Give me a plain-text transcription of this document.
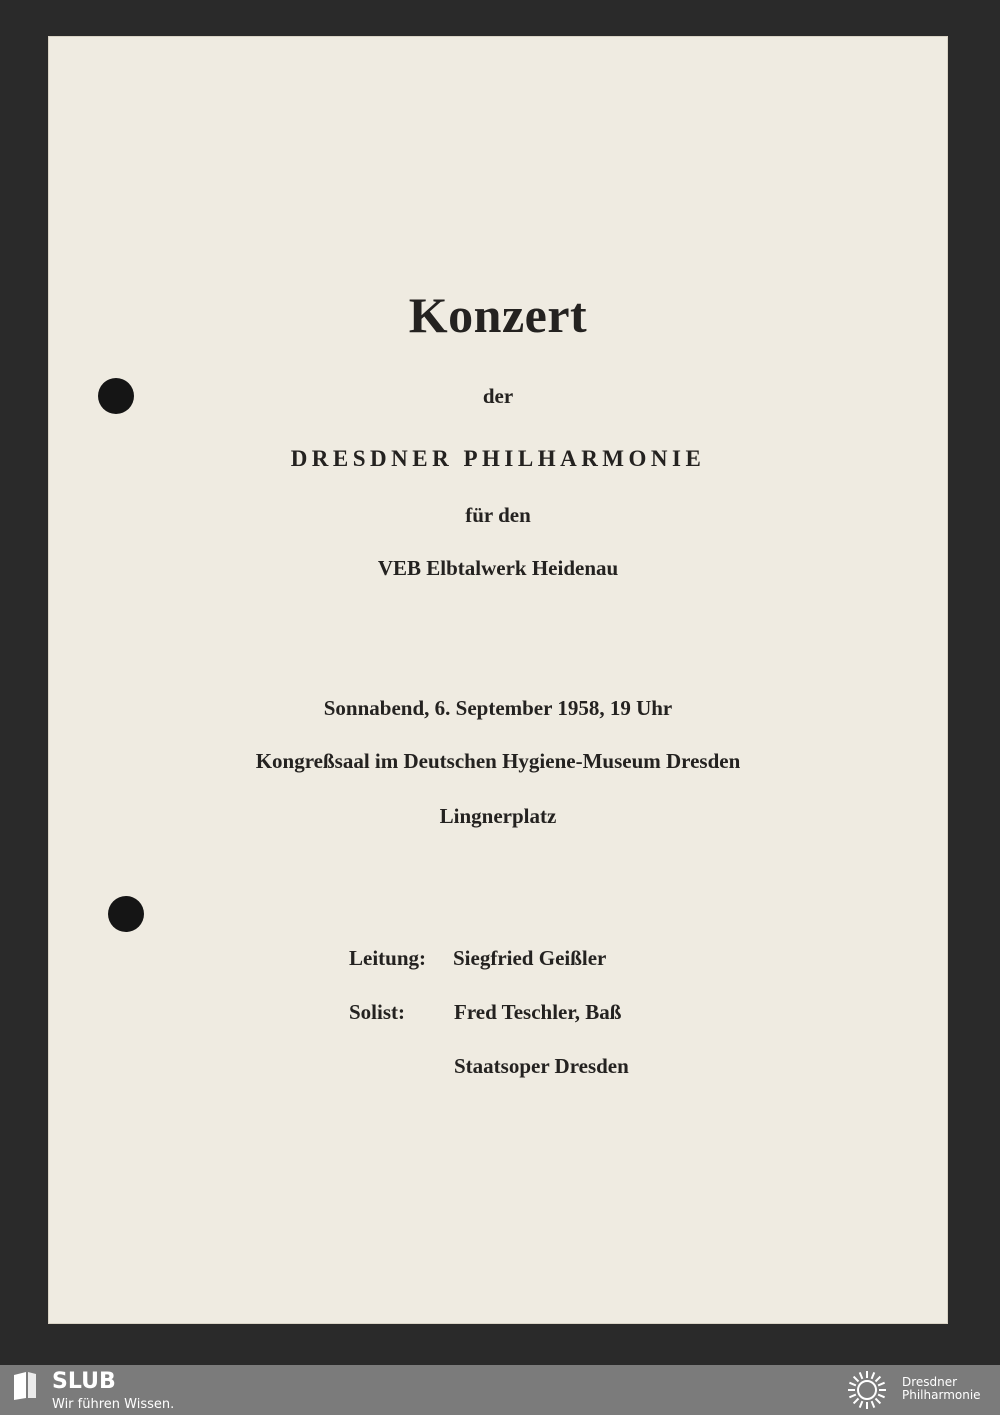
Konzert
der
DRESDNER PHILHARMONIE
für den
VEB Elbtalwerk Heidenau
Sonnabend, 6. September 1958, 19 Uhr
Kongreßsaal im Deutschen Hygiene-Museum Dresden
Lingnerplatz
Leitung: Siegfried Geißler
Solist: Fred Teschler, Baß
Staatsoper Dresden
SLUB
Wir führen Wissen.
Dresdner
Philharmonie
